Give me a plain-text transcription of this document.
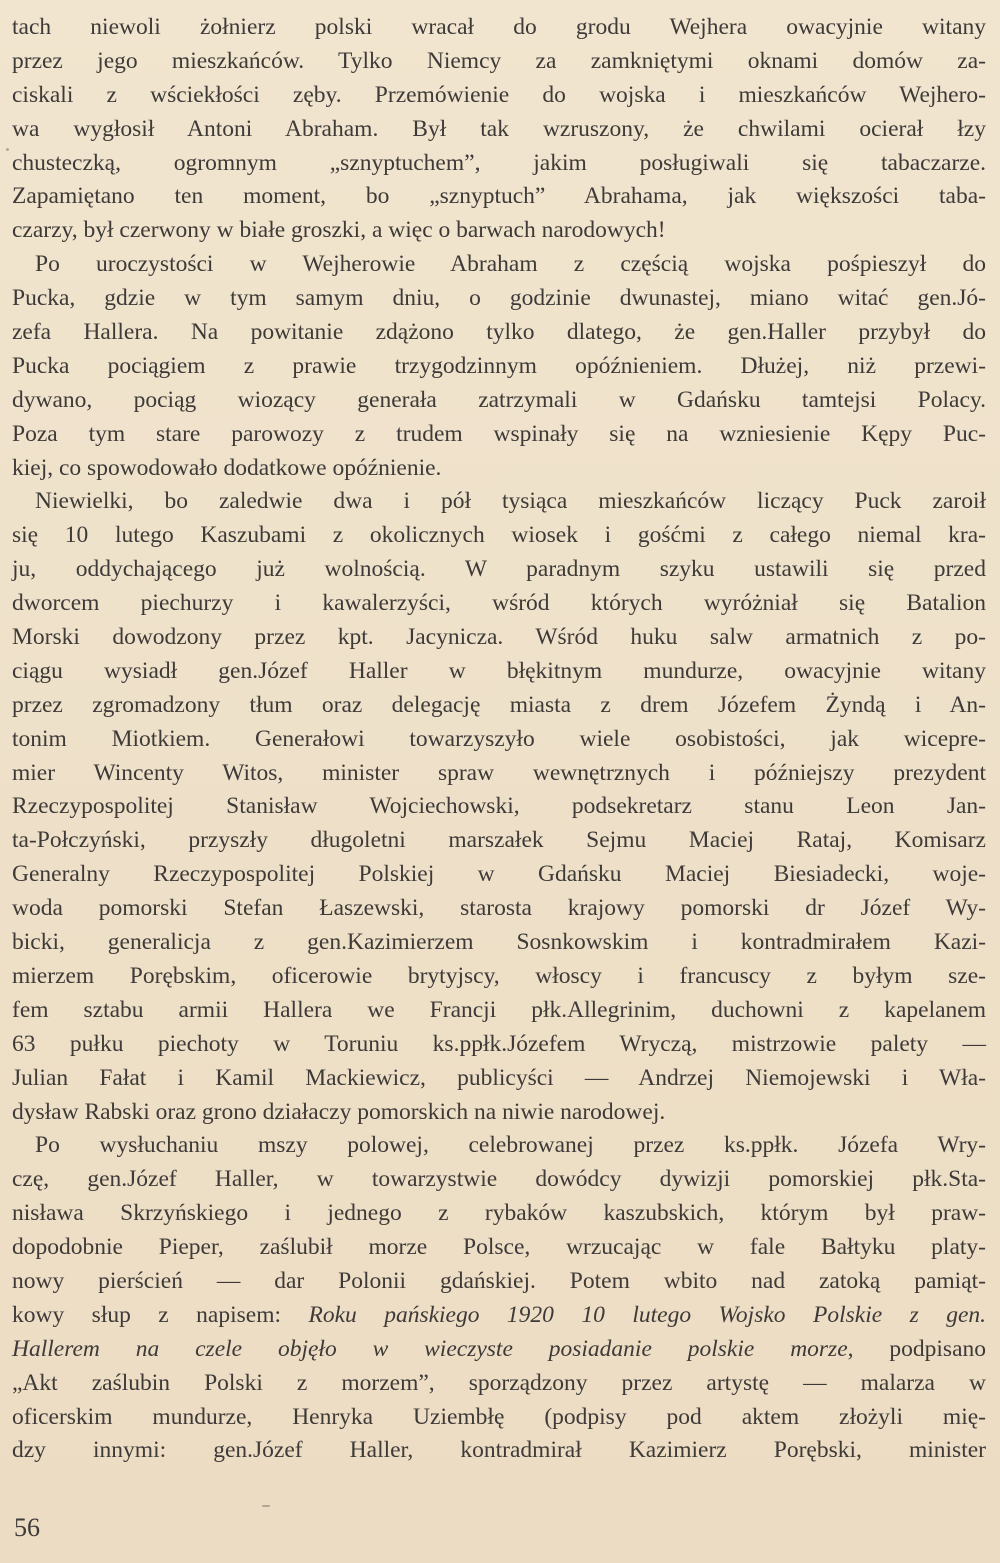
tach niewoli żołnierz polski wracał do grodu Wejhera owacyjnie witany
przez jego mieszkańców. Tylko Niemcy za zamkniętymi oknami domów za-
ciskali z wściekłości zęby. Przemówienie do wojska i mieszkańców Wejhero-
wa wygłosił Antoni Abraham. Był tak wzruszony, że chwilami ocierał łzy
chusteczką, ogromnym „sznyptuchem”, jakim posługiwali się tabaczarze.
Zapamiętano ten moment, bo „sznyptuch” Abrahama, jak większości taba-
czarzy, był czerwony w białe groszki, a więc o barwach narodowych!
Po uroczystości w Wejherowie Abraham z częścią wojska pośpieszył do
Pucka, gdzie w tym samym dniu, o godzinie dwunastej, miano witać gen.Jó-
zefa Hallera. Na powitanie zdążono tylko dlatego, że gen.Haller przybył do
Pucka pociągiem z prawie trzygodzinnym opóźnieniem. Dłużej, niż przewi-
dywano, pociąg wiozący generała zatrzymali w Gdańsku tamtejsi Polacy.
Poza tym stare parowozy z trudem wspinały się na wzniesienie Kępy Puc-
kiej, co spowodowało dodatkowe opóźnienie.
Niewielki, bo zaledwie dwa i pół tysiąca mieszkańców liczący Puck zaroił
się 10 lutego Kaszubami z okolicznych wiosek i gośćmi z całego niemal kra-
ju, oddychającego już wolnością. W paradnym szyku ustawili się przed
dworcem piechurzy i kawalerzyści, wśród których wyróżniał się Batalion
Morski dowodzony przez kpt. Jacynicza. Wśród huku salw armatnich z po-
ciągu wysiadł gen.Józef Haller w błękitnym mundurze, owacyjnie witany
przez zgromadzony tłum oraz delegację miasta z drem Józefem Żyndą i An-
tonim Miotkiem. Generałowi towarzyszyło wiele osobistości, jak wicepre-
mier Wincenty Witos, minister spraw wewnętrznych i późniejszy prezydent
Rzeczypospolitej Stanisław Wojciechowski, podsekretarz stanu Leon Jan-
ta-Połczyński, przyszły długoletni marszałek Sejmu Maciej Rataj, Komisarz
Generalny Rzeczypospolitej Polskiej w Gdańsku Maciej Biesiadecki, woje-
woda pomorski Stefan Łaszewski, starosta krajowy pomorski dr Józef Wy-
bicki, generalicja z gen.Kazimierzem Sosnkowskim i kontradmirałem Kazi-
mierzem Porębskim, oficerowie brytyjscy, włoscy i francuscy z byłym sze-
fem sztabu armii Hallera we Francji płk.Allegrinim, duchowni z kapelanem
63 pułku piechoty w Toruniu ks.ppłk.Józefem Wryczą, mistrzowie palety —
Julian Fałat i Kamil Mackiewicz, publicyści — Andrzej Niemojewski i Wła-
dysław Rabski oraz grono działaczy pomorskich na niwie narodowej.
Po wysłuchaniu mszy polowej, celebrowanej przez ks.ppłk. Józefa Wry-
czę, gen.Józef Haller, w towarzystwie dowódcy dywizji pomorskiej płk.Sta-
nisława Skrzyńskiego i jednego z rybaków kaszubskich, którym był praw-
dopodobnie Pieper, zaślubił morze Polsce, wrzucając w fale Bałtyku platy-
nowy pierścień — dar Polonii gdańskiej. Potem wbito nad zatoką pamiąt-
kowy słup z napisem: Roku pańskiego 1920 10 lutego Wojsko Polskie z gen.
Hallerem na czele objęło w wieczyste posiadanie polskie morze, podpisano
„Akt zaślubin Polski z morzem”, sporządzony przez artystę — malarza w
oficerskim mundurze, Henryka Uziembłę (podpisy pod aktem złożyli mię-
dzy innymi: gen.Józef Haller, kontradmirał Kazimierz Porębski, minister
56
